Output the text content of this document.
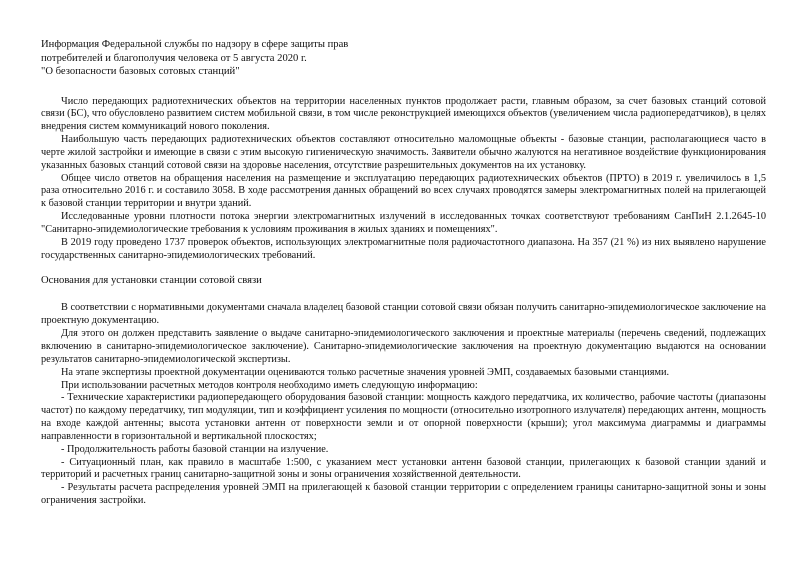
Информация Федеральной службы по надзору в сфере защиты прав
потребителей и благополучия человека от 5 августа 2020 г.
"О безопасности базовых сотовых станций"

Число передающих радиотехнических объектов на территории населенных пунктов продолжает расти, главным образом, за счет базовых станций сотовой связи (БС), что обусловлено развитием систем мобильной связи, в том числе реконструкцией имеющихся объектов (увеличением числа радиопередатчиков), в целях внедрения систем коммуникаций нового поколения.

Наибольшую часть передающих радиотехнических объектов составляют относительно маломощные объекты - базовые станции, располагающиеся часто в черте жилой застройки и имеющие в связи с этим высокую гигиеническую значимость. Заявители обычно жалуются на негативное воздействие функционирования указанных базовых станций сотовой связи на здоровье населения, отсутствие разрешительных документов на их установку.

Общее число ответов на обращения населения на размещение и эксплуатацию передающих радиотехнических объектов (ПРТО) в 2019 г. увеличилось в 1,5 раза относительно 2016 г. и составило 3058. В ходе рассмотрения данных обращений во всех случаях проводятся замеры электромагнитных полей на прилегающей к базовой станции территории и внутри зданий.

Исследованные уровни плотности потока энергии электромагнитных излучений в исследованных точках соответствуют требованиям СанПиН 2.1.2645-10 "Санитарно-эпидемиологические требования к условиям проживания в жилых зданиях и помещениях".

В 2019 году проведено 1737 проверок объектов, использующих электромагнитные поля радиочастотного диапазона. На 357 (21 %) из них выявлено нарушение государственных санитарно-эпидемиологических требований.

Основания для установки станции сотовой связи

В соответствии с нормативными документами сначала владелец базовой станции сотовой связи обязан получить санитарно-эпидемиологическое заключение на проектную документацию.

Для этого он должен представить заявление о выдаче санитарно-эпидемиологического заключения и проектные материалы (перечень сведений, подлежащих включению в санитарно-эпидемиологическое заключение). Санитарно-эпидемиологические заключения на проектную документацию выдаются на основании результатов санитарно-эпидемиологической экспертизы.

На этапе экспертизы проектной документации оцениваются только расчетные значения уровней ЭМП, создаваемых базовыми станциями.

При использовании расчетных методов контроля необходимо иметь следующую информацию:

- Технические характеристики радиопередающего оборудования базовой станции: мощность каждого передатчика, их количество, рабочие частоты (диапазоны частот) по каждому передатчику, тип модуляции, тип и коэффициент усиления по мощности (относительно изотропного излучателя) передающих антенн, мощность на входе каждой антенны; высота установки антенн от поверхности земли и от опорной поверхности (крыши); угол максимума диаграммы и диаграммы направленности в горизонтальной и вертикальной плоскостях;

- Продолжительность работы базовой станции на излучение.

- Ситуационный план, как правило в масштабе 1:500, с указанием мест установки антенн базовой станции, прилегающих к базовой станции зданий и территорий и расчетных границ санитарно-защитной зоны и зоны ограничения хозяйственной деятельности.

- Результаты расчета распределения уровней ЭМП на прилегающей к базовой станции территории с определением границы санитарно-защитной зоны и зоны ограничения застройки.
